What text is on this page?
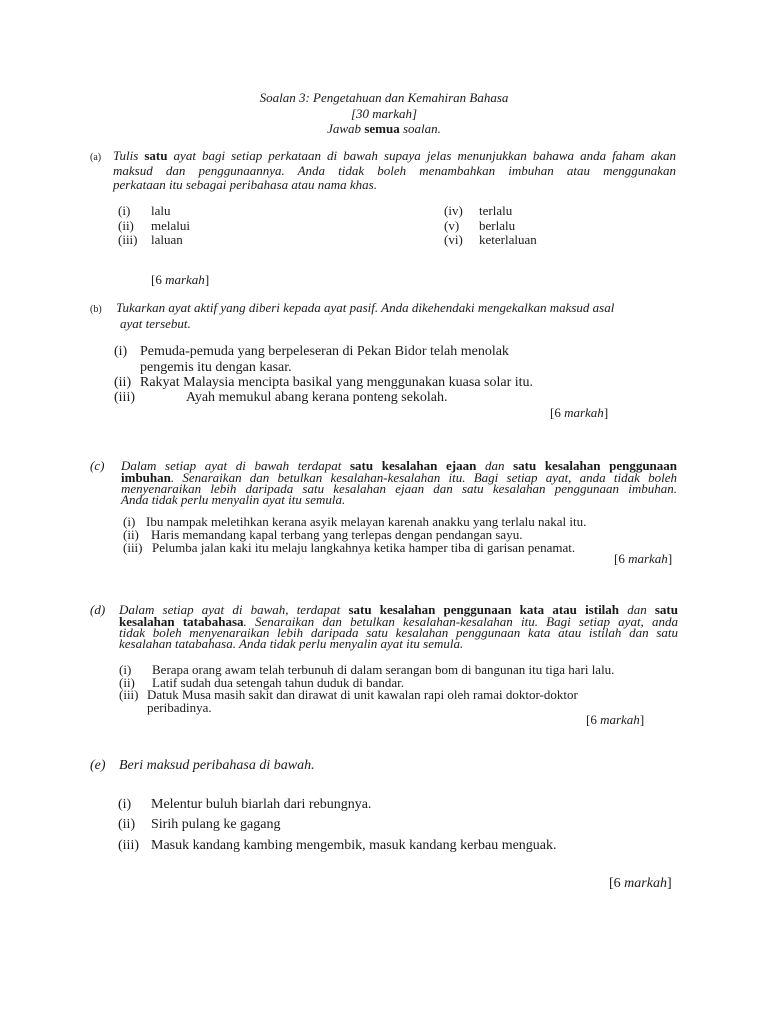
Soalan 3: Pengetahuan dan Kemahiran Bahasa
[30 markah]
Jawab semua soalan.
(a) Tulis satu ayat bagi setiap perkataan di bawah supaya jelas menunjukkan bahawa anda faham akan
maksud dan penggunaannya. Anda tidak boleh menambahkan imbuhan atau menggunakan
perkataan itu sebagai peribahasa atau nama khas.
(i) lalu
(ii) melalui
(iii) laluan
(iv) terlalu
(v) berlalu
(vi) keterlaluan
[6 markah]
(b) Tukarkan ayat aktif yang diberi kepada ayat pasif. Anda dikehendaki mengekalkan maksud asal
ayat tersebut.
(i) Pemuda-pemuda yang berpeleseran di Pekan Bidor telah menolak
pengemis itu dengan kasar.
(ii) Rakyat Malaysia mencipta basikal yang menggunakan kuasa solar itu.
(iii)	Ayah memukul abang kerana ponteng sekolah.
[6 markah]
(c) Dalam setiap ayat di bawah terdapat satu kesalahan ejaan dan satu kesalahan penggunaan
imbuhan. Senaraikan dan betulkan kesalahan-kesalahan itu. Bagi setiap ayat, anda tidak boleh
menyenaraikan lebih daripada satu kesalahan ejaan dan satu kesalahan penggunaan imbuhan.
Anda tidak perlu menyalin ayat itu semula.
(i) Ibu nampak meletihkan kerana asyik melayan karenah anakku yang terlalu nakal itu.
(ii) Haris memandang kapal terbang yang terlepas dengan pendangan sayu.
(iii) Pelumba jalan kaki itu melaju langkahnya ketika hamper tiba di garisan penamat.
[6 markah]
(d) Dalam setiap ayat di bawah, terdapat satu kesalahan penggunaan kata atau istilah dan satu
kesalahan tatabahasa. Senaraikan dan betulkan kesalahan-kesalahan itu. Bagi setiap ayat, anda
tidak boleh menyenaraikan lebih daripada satu kesalahan penggunaan kata atau istilah dan satu
kesalahan tatabahasa. Anda tidak perlu menyalin ayat itu semula.
(i) Berapa orang awam telah terbunuh di dalam serangan bom di bangunan itu tiga hari lalu.
(ii) Latif sudah dua setengah tahun duduk di bandar.
(iii) Datuk Musa masih sakit dan dirawat di unit kawalan rapi oleh ramai doktor-doktor
peribadinya.
[6 markah]
(e) Beri maksud peribahasa di bawah.
(i) Melentur buluh biarlah dari rebungnya.
(ii) Sirih pulang ke gagang
(iii) Masuk kandang kambing mengembik, masuk kandang kerbau menguak.
[6 markah]
